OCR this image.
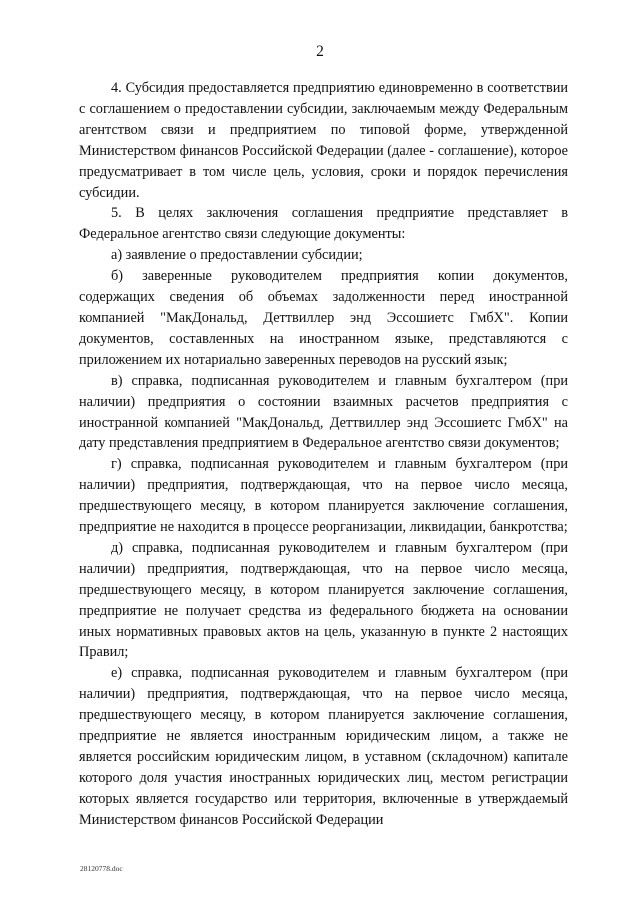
2

4. Субсидия предоставляется предприятию единовременно в соответствии с соглашением о предоставлении субсидии, заключаемым между Федеральным агентством связи и предприятием по типовой форме, утвержденной Министерством финансов Российской Федерации (далее - соглашение), которое предусматривает в том числе цель, условия, сроки и порядок перечисления субсидии.

5. В целях заключения соглашения предприятие представляет в Федеральное агентство связи следующие документы:

а) заявление о предоставлении субсидии;

б) заверенные руководителем предприятия копии документов, содержащих сведения об объемах задолженности перед иностранной компанией "МакДональд, Деттвиллер энд Эссошиетс ГмбХ". Копии документов, составленных на иностранном языке, представляются с приложением их нотариально заверенных переводов на русский язык;

в) справка, подписанная руководителем и главным бухгалтером (при наличии) предприятия о состоянии взаимных расчетов предприятия с иностранной компанией "МакДональд, Деттвиллер энд Эссошиетс ГмбХ" на дату представления предприятием в Федеральное агентство связи документов;

г) справка, подписанная руководителем и главным бухгалтером (при наличии) предприятия, подтверждающая, что на первое число месяца, предшествующего месяцу, в котором планируется заключение соглашения, предприятие не находится в процессе реорганизации, ликвидации, банкротства;

д) справка, подписанная руководителем и главным бухгалтером (при наличии) предприятия, подтверждающая, что на первое число месяца, предшествующего месяцу, в котором планируется заключение соглашения, предприятие не получает средства из федерального бюджета на основании иных нормативных правовых актов на цель, указанную в пункте 2 настоящих Правил;

е) справка, подписанная руководителем и главным бухгалтером (при наличии) предприятия, подтверждающая, что на первое число месяца, предшествующего месяцу, в котором планируется заключение соглашения, предприятие не является иностранным юридическим лицом, а также не является российским юридическим лицом, в уставном (складочном) капитале которого доля участия иностранных юридических лиц, местом регистрации которых является государство или территория, включенные в утверждаемый Министерством финансов Российской Федерации

28120778.doc
